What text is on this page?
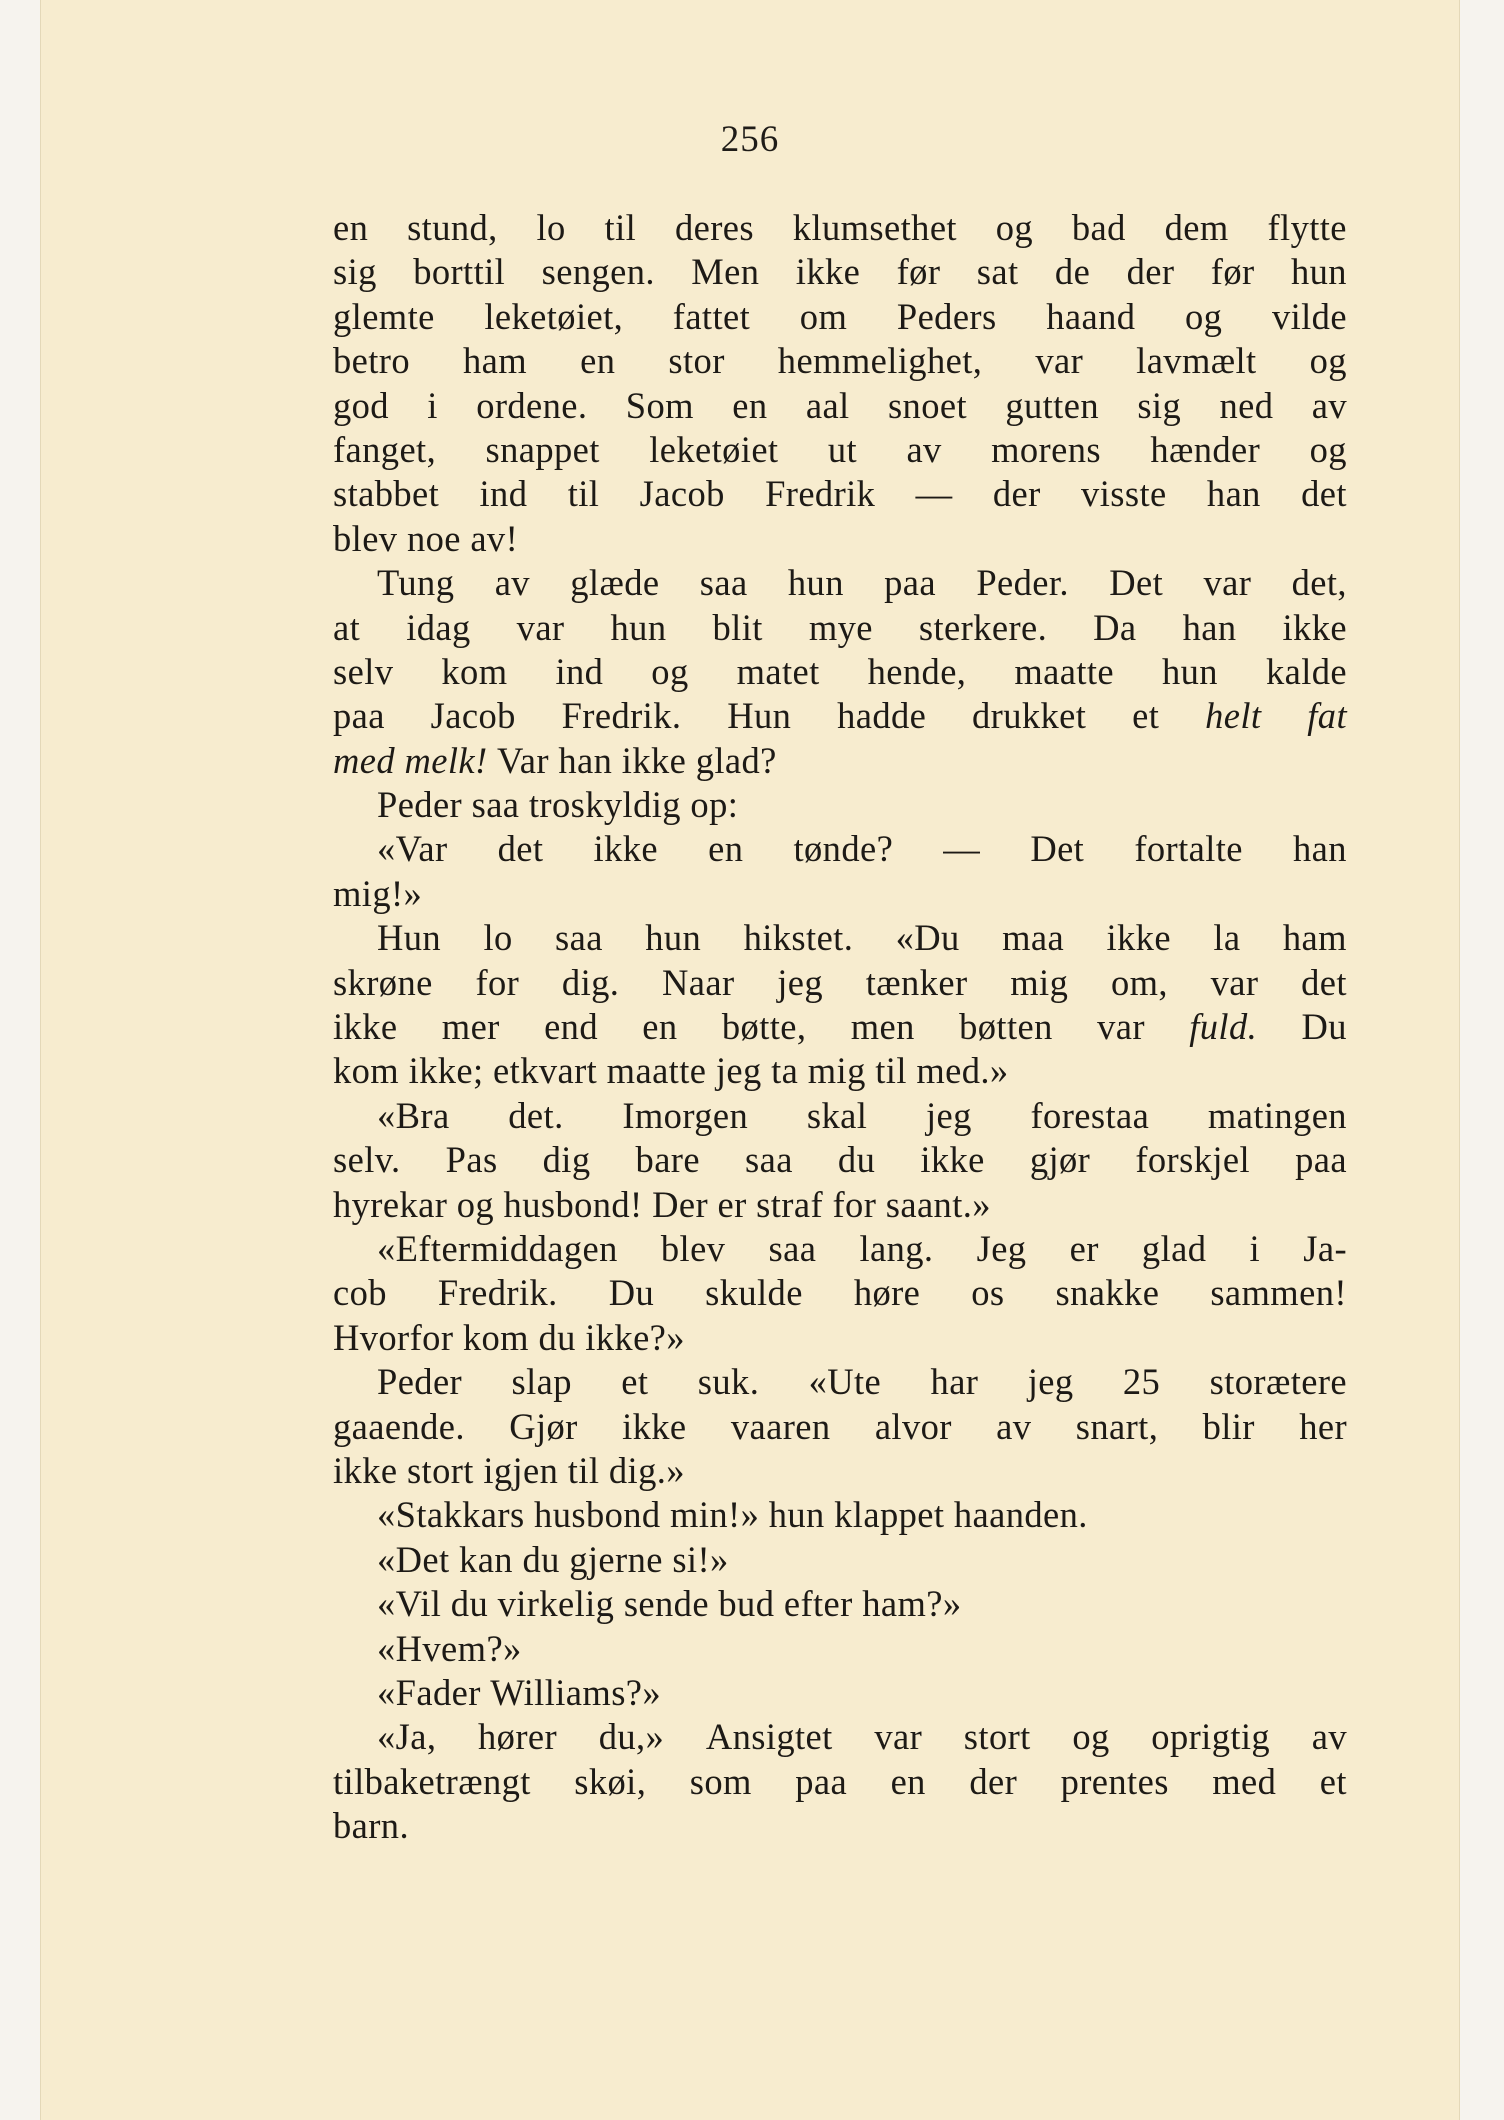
256
en stund, lo til deres klumsethet og bad dem flytte
sig borttil sengen. Men ikke før sat de der før hun
glemte leketøiet, fattet om Peders haand og vilde
betro ham en stor hemmelighet, var lavmælt og
god i ordene. Som en aal snoet gutten sig ned av
fanget, snappet leketøiet ut av morens hænder og
stabbet ind til Jacob Fredrik — der visste han det
blev noe av!
Tung av glæde saa hun paa Peder. Det var det,
at idag var hun blit mye sterkere. Da han ikke
selv kom ind og matet hende, maatte hun kalde
paa Jacob Fredrik. Hun hadde drukket et helt fat
med melk! Var han ikke glad?
Peder saa troskyldig op:
«Var det ikke en tønde? — Det fortalte han
mig!»
Hun lo saa hun hikstet. «Du maa ikke la ham
skrøne for dig. Naar jeg tænker mig om, var det
ikke mer end en bøtte, men bøtten var fuld. Du
kom ikke; etkvart maatte jeg ta mig til med.»
«Bra det. Imorgen skal jeg forestaa matingen
selv. Pas dig bare saa du ikke gjør forskjel paa
hyrekar og husbond! Der er straf for saant.»
«Eftermiddagen blev saa lang. Jeg er glad i Ja-
cob Fredrik. Du skulde høre os snakke sammen!
Hvorfor kom du ikke?»
Peder slap et suk. «Ute har jeg 25 storætere
gaaende. Gjør ikke vaaren alvor av snart, blir her
ikke stort igjen til dig.»
«Stakkars husbond min!» hun klappet haanden.
«Det kan du gjerne si!»
«Vil du virkelig sende bud efter ham?»
«Hvem?»
«Fader Williams?»
«Ja, hører du,» Ansigtet var stort og oprigtig av
tilbaketrængt skøi, som paa en der prentes med et
barn.
